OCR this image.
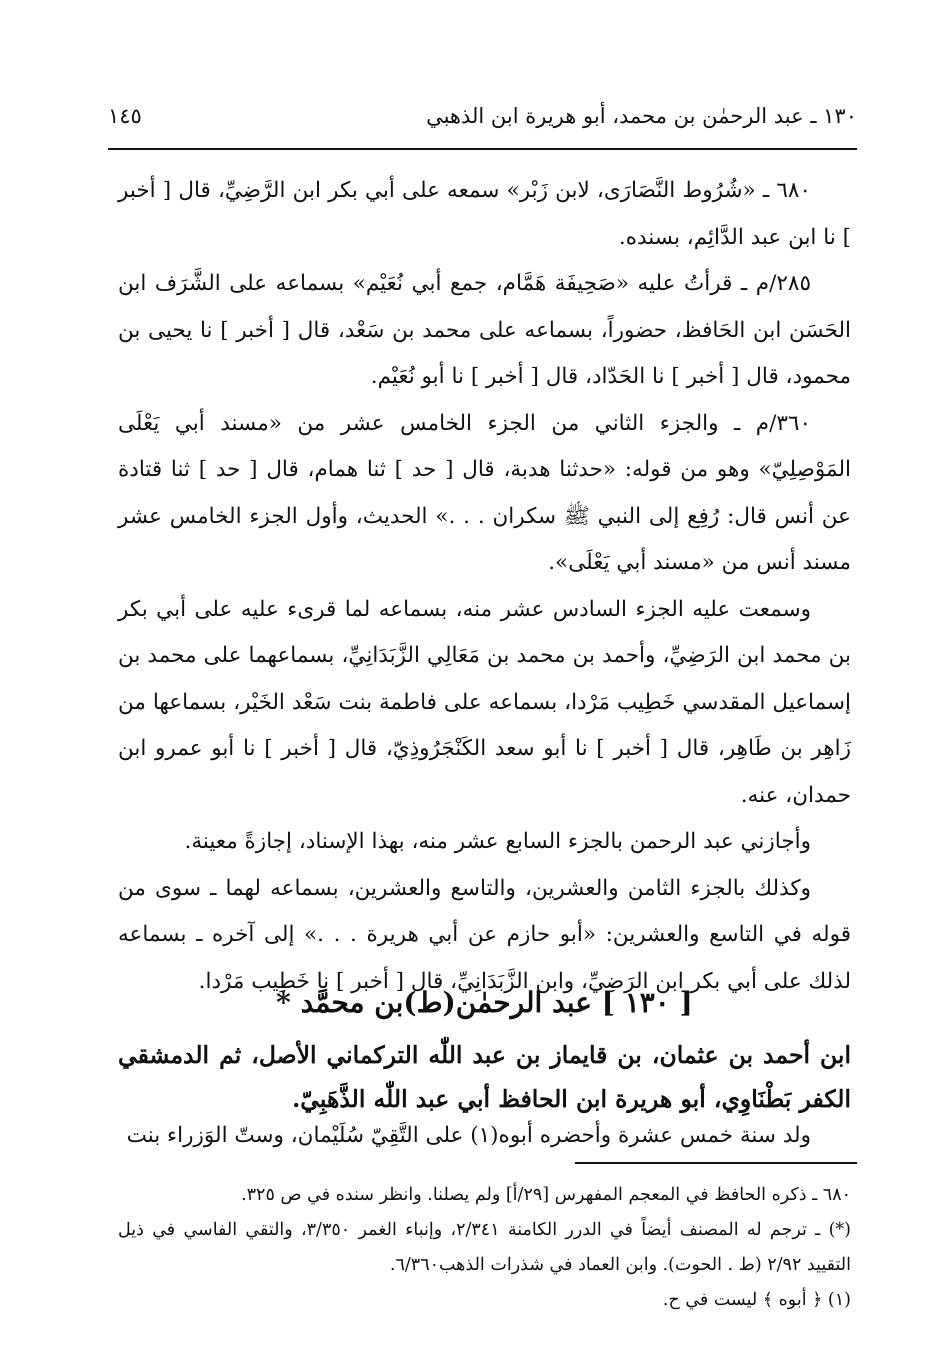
١٣٠ ـ عبد الرحمٰن بن محمد، أبو هريرة ابن الذهبي
١٤٥

٦٨٠ ـ «شُرُوط النَّصَارَى، لابن زَبْر» سمعه على أبي بكر ابن الرَّضِيِّ، قال [ أخبر ] نا ابن عبد الدَّائِم، بسنده.

٢٨٥/م ـ قرأتُ عليه «صَحِيفَة هَمَّام، جمع أبي نُعَيْم» بسماعه على الشَّرَف ابن الحَسَن ابن الحَافظ، حضوراً، بسماعه على محمد بن سَعْد، قال [ أخبر ] نا يحيى بن محمود، قال [ أخبر ] نا الحَدّاد، قال [ أخبر ] نا أبو نُعَيْم.

٣٦٠/م ـ والجزء الثاني من الجزء الخامس عشر من «مسند أبي يَعْلَى المَوْصِلِيّ» وهو من قوله: «حدثنا هدبة، قال [ حد ] ثنا همام، قال [ حد ] ثنا قتادة عن أنس قال: رُفِع إلى النبي ﷺ سكران . . .» الحديث، وأول الجزء الخامس عشر مسند أنس من «مسند أبي يَعْلَى».

وسمعت عليه الجزء السادس عشر منه، بسماعه لما قرىء عليه على أبي بكر بن محمد ابن الرَضِيِّ، وأحمد بن محمد بن مَعَالِي الزَّبَدَانِيِّ، بسماعهما على محمد بن إسماعيل المقدسي خَطِيب مَرْدا، بسماعه على فاطمة بنت سَعْد الخَيْر، بسماعها من زَاهِر بن طَاهِر، قال [ أخبر ] نا أبو سعد الكَنْجَرُوذِيّ، قال [ أخبر ] نا أبو عمرو ابن حمدان، عنه.

وأجازني عبد الرحمن بالجزء السابع عشر منه، بهذا الإسناد، إجازةً معينة.

وكذلك بالجزء الثامن والعشرين، والتاسع والعشرين، بسماعه لهما ـ سوى من قوله في التاسع والعشرين: «أبو حازم عن أبي هريرة . . .» إلى آخره ـ بسماعه لذلك على أبي بكر ابن الرَضِيِّ، وابن الزَّبَدَانِيِّ، قال [ أخبر ] نا خَطِيب مَرْدا.

[ ١٣٠ ] عبد الرحمٰن(ط)بن محمَّد *
ابن أحمد بن عثمان، بن قايماز بن عبد اللّٰه التركماني الأصل، ثم الدمشقي الكفر بَطْنَاوِي، أبو هريرة ابن الحافظ أبي عبد اللّٰه الذَّهَبِيّ.
ولد سنة خمس عشرة وأحضره أبوه(١) على التَّقِيّ سُلَيْمان، وستّ الوَزراء بنت

٦٨٠ ـ ذكره الحافظ في المعجم المفهرس [٢٩/أ] ولم يصلنا. وانظر سنده في ص ٣٢٥.

(*) ـ ترجم له المصنف أيضاً في الدرر الكامنة ٢/٣٤١، وإنباء الغمر ٣/٣٥٠، والتقي الفاسي في ذيل التقييد ٢/٩٢ (ط . الحوت). وابن العماد في شذرات الذهب٦/٣٦٠.

(١) ﴿ أبوه ﴾ ليست في ح.
